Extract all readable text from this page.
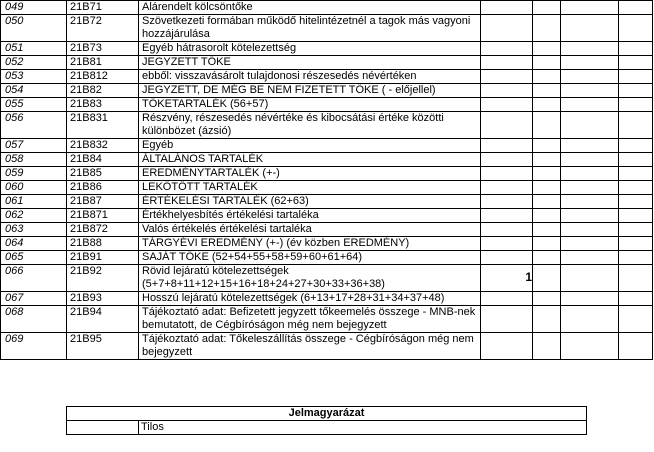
049	21B71	Alárendelt kölcsöntőke				
050	21B72	Szövetkezeti formában működő hitelintézetnél a tagok más vagyoni hozzájárulása				
051	21B73	Egyéb hátrasorolt kötelezettség				
052	21B81	JEGYZETT TŐKE				
053	21B812	ebből: visszavásárolt tulajdonosi részesedés névértéken				
054	21B82	JEGYZETT, DE MÉG BE NEM FIZETETT TŐKE ( - előjellel)				
055	21B83	TŐKETARTALÉK (56+57)				
056	21B831	Részvény, részesedés névértéke és kibocsátási értéke közötti különbözet (ázsió)				
057	21B832	Egyéb				
058	21B84	ÁLTALÁNOS TARTALÉK				
059	21B85	EREDMÉNYTARTALÉK (+-)				
060	21B86	LEKÖTÖTT TARTALÉK				
061	21B87	ÉRTÉKELÉSI TARTALÉK (62+63)				
062	21B871	Értékhelyesbítés értékelési tartaléka				
063	21B872	Valós értékelés értékelési tartaléka				
064	21B88	TÁRGYÉVI EREDMÉNY (+-) (év közben EREDMÉNY)				
065	21B91	SAJÁT TŐKE (52+54+55+58+59+60+61+64)				
066	21B92	Rövid lejáratú kötelezettségek (5+7+8+11+12+15+16+18+24+27+30+33+36+38)	1			
067	21B93	Hosszú lejáratú kötelezettségek (6+13+17+28+31+34+37+48)				
068	21B94	Tájékoztató adat: Befizetett jegyzett tőkeemelés összege - MNB-nek bemutatott, de Cégbíróságon még nem bejegyzett				
069	21B95	Tájékoztató adat: Tőkeleszállítás összege - Cégbíróságon még nem bejegyzett				
Jelmagyarázat
	Tilos
